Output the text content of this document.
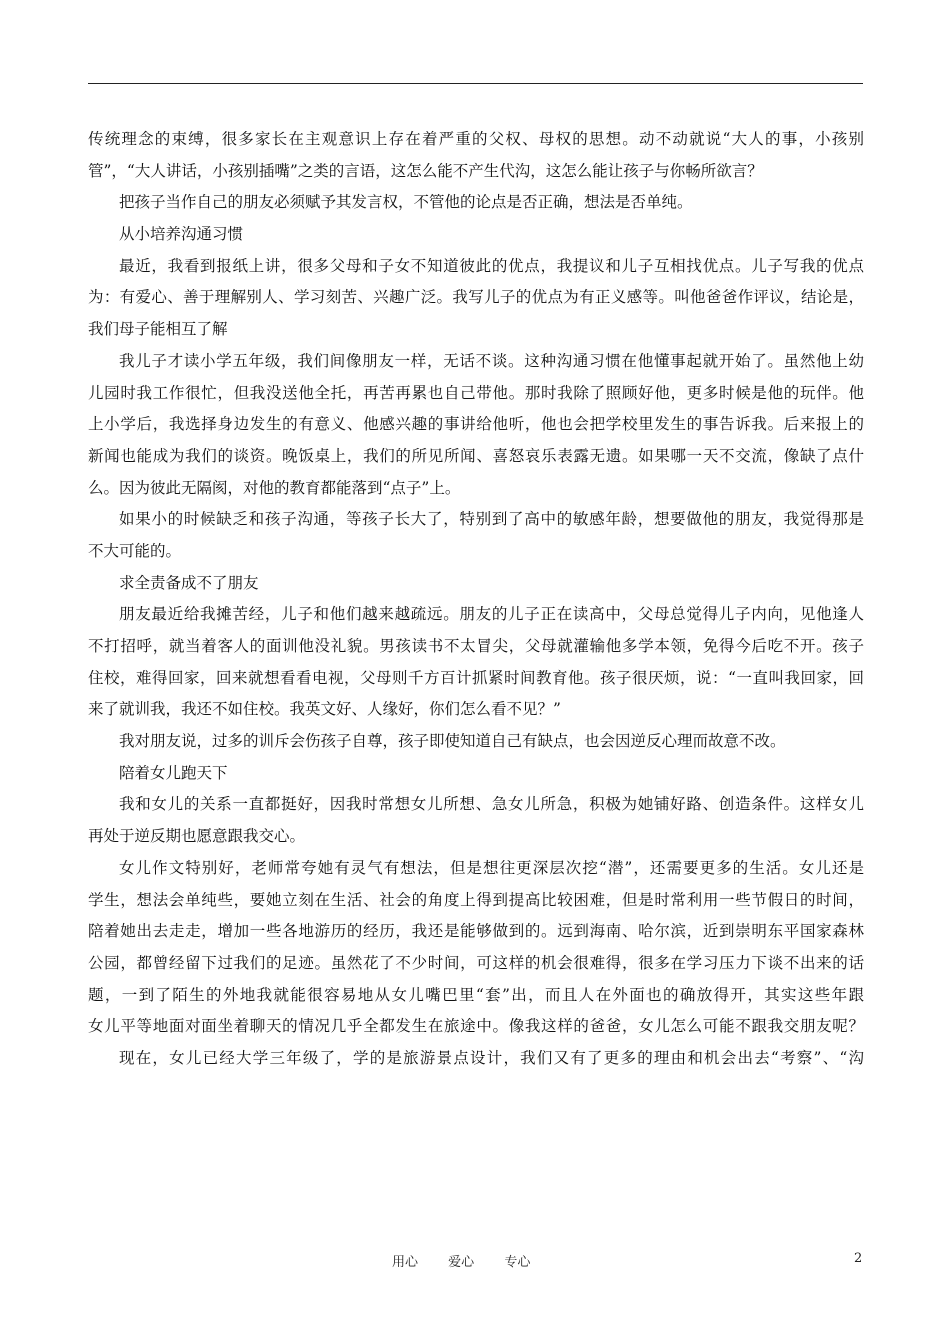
传统理念的束缚，很多家长在主观意识上存在着严重的父权、母权的思想。动不动就说“大人的事，小孩别
管”，“大人讲话，小孩别插嘴”之类的言语，这怎么能不产生代沟，这怎么能让孩子与你畅所欲言？
把孩子当作自己的朋友必须赋予其发言权，不管他的论点是否正确，想法是否单纯。
从小培养沟通习惯
最近，我看到报纸上讲，很多父母和子女不知道彼此的优点，我提议和儿子互相找优点。儿子写我的优点
为：有爱心、善于理解别人、学习刻苦、兴趣广泛。我写儿子的优点为有正义感等。叫他爸爸作评议，结论是，
我们母子能相互了解
我儿子才读小学五年级，我们间像朋友一样，无话不谈。这种沟通习惯在他懂事起就开始了。虽然他上幼
儿园时我工作很忙，但我没送他全托，再苦再累也自己带他。那时我除了照顾好他，更多时候是他的玩伴。他
上小学后，我选择身边发生的有意义、他感兴趣的事讲给他听，他也会把学校里发生的事告诉我。后来报上的
新闻也能成为我们的谈资。晚饭桌上，我们的所见所闻、喜怒哀乐表露无遗。如果哪一天不交流，像缺了点什
么。因为彼此无隔阂，对他的教育都能落到“点子”上。
如果小的时候缺乏和孩子沟通，等孩子长大了，特别到了高中的敏感年龄，想要做他的朋友，我觉得那是
不大可能的。
求全责备成不了朋友
朋友最近给我摊苦经，儿子和他们越来越疏远。朋友的儿子正在读高中，父母总觉得儿子内向，见他逢人
不打招呼，就当着客人的面训他没礼貌。男孩读书不太冒尖，父母就灌输他多学本领，免得今后吃不开。孩子
住校，难得回家，回来就想看看电视，父母则千方百计抓紧时间教育他。孩子很厌烦，说：“一直叫我回家，回
来了就训我，我还不如住校。我英文好、人缘好，你们怎么看不见？”
我对朋友说，过多的训斥会伤孩子自尊，孩子即使知道自己有缺点，也会因逆反心理而故意不改。
陪着女儿跑天下
我和女儿的关系一直都挺好，因我时常想女儿所想、急女儿所急，积极为她铺好路、创造条件。这样女儿
再处于逆反期也愿意跟我交心。
女儿作文特别好，老师常夸她有灵气有想法，但是想往更深层次挖“潜”，还需要更多的生活。女儿还是
学生，想法会单纯些，要她立刻在生活、社会的角度上得到提高比较困难，但是时常利用一些节假日的时间，
陪着她出去走走，增加一些各地游历的经历，我还是能够做到的。远到海南、哈尔滨，近到崇明东平国家森林
公园，都曾经留下过我们的足迹。虽然花了不少时间，可这样的机会很难得，很多在学习压力下谈不出来的话
题，一到了陌生的外地我就能很容易地从女儿嘴巴里“套”出，而且人在外面也的确放得开，其实这些年跟
女儿平等地面对面坐着聊天的情况几乎全都发生在旅途中。像我这样的爸爸，女儿怎么可能不跟我交朋友呢？
现在，女儿已经大学三年级了，学的是旅游景点设计，我们又有了更多的理由和机会出去“考察”、“沟
用心 爱心 专心	2
